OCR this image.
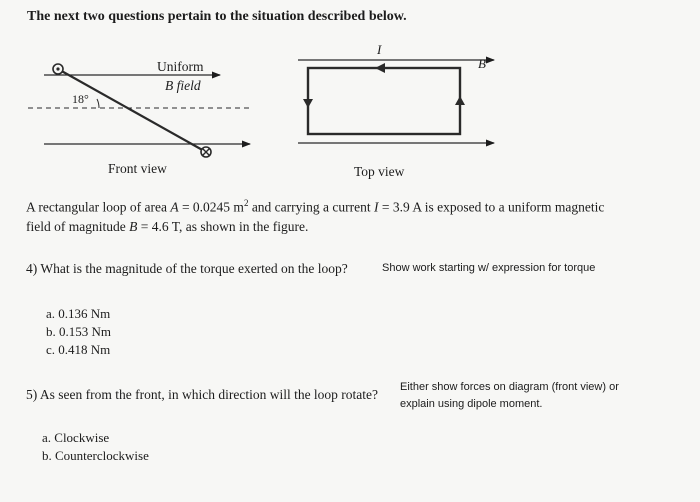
The next two questions pertain to the situation described below.
18°
Uniform
B field
Front view
I
B
Top view
A rectangular loop of area A = 0.0245 $m^2$ and carrying a current I = 3.9 A is exposed to a uniform magnetic
field of magnitude B = 4.6 T, as shown in the figure.
4) What is the magnitude of the torque exerted on the loop?	Show work starting w/ expression for torque
a. 0.136 Nm
b. 0.153 Nm
c. 0.418 Nm
5) As seen from the front, in which direction will the loop rotate? Either show forces on diagram (front view) or
explain using dipole moment.
a. Clockwise
b. Counterclockwise
